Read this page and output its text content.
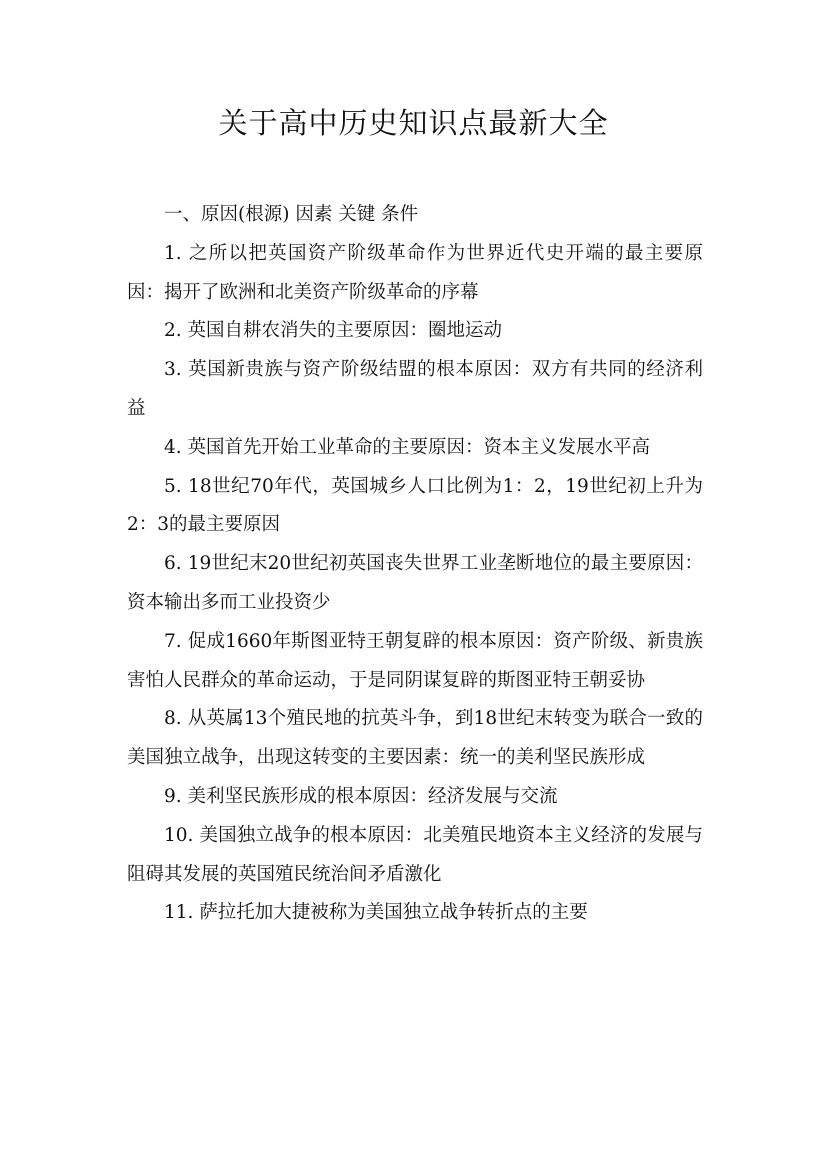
关于高中历史知识点最新大全

一、原因(根源) 因素 关键 条件

1. 之所以把英国资产阶级革命作为世界近代史开端的最主要原因：揭开了欧洲和北美资产阶级革命的序幕

2. 英国自耕农消失的主要原因：圈地运动

3. 英国新贵族与资产阶级结盟的根本原因：双方有共同的经济利益

4. 英国首先开始工业革命的主要原因：资本主义发展水平高

5. 18世纪70年代，英国城乡人口比例为1：2，19世纪初上升为2：3的最主要原因

6. 19世纪末20世纪初英国丧失世界工业垄断地位的最主要原因：资本输出多而工业投资少

7. 促成1660年斯图亚特王朝复辟的根本原因：资产阶级、新贵族害怕人民群众的革命运动，于是同阴谋复辟的斯图亚特王朝妥协

8. 从英属13个殖民地的抗英斗争，到18世纪末转变为联合一致的美国独立战争，出现这转变的主要因素：统一的美利坚民族形成

9. 美利坚民族形成的根本原因：经济发展与交流

10. 美国独立战争的根本原因：北美殖民地资本主义经济的发展与阻碍其发展的英国殖民统治间矛盾激化

11. 萨拉托加大捷被称为美国独立战争转折点的主要
